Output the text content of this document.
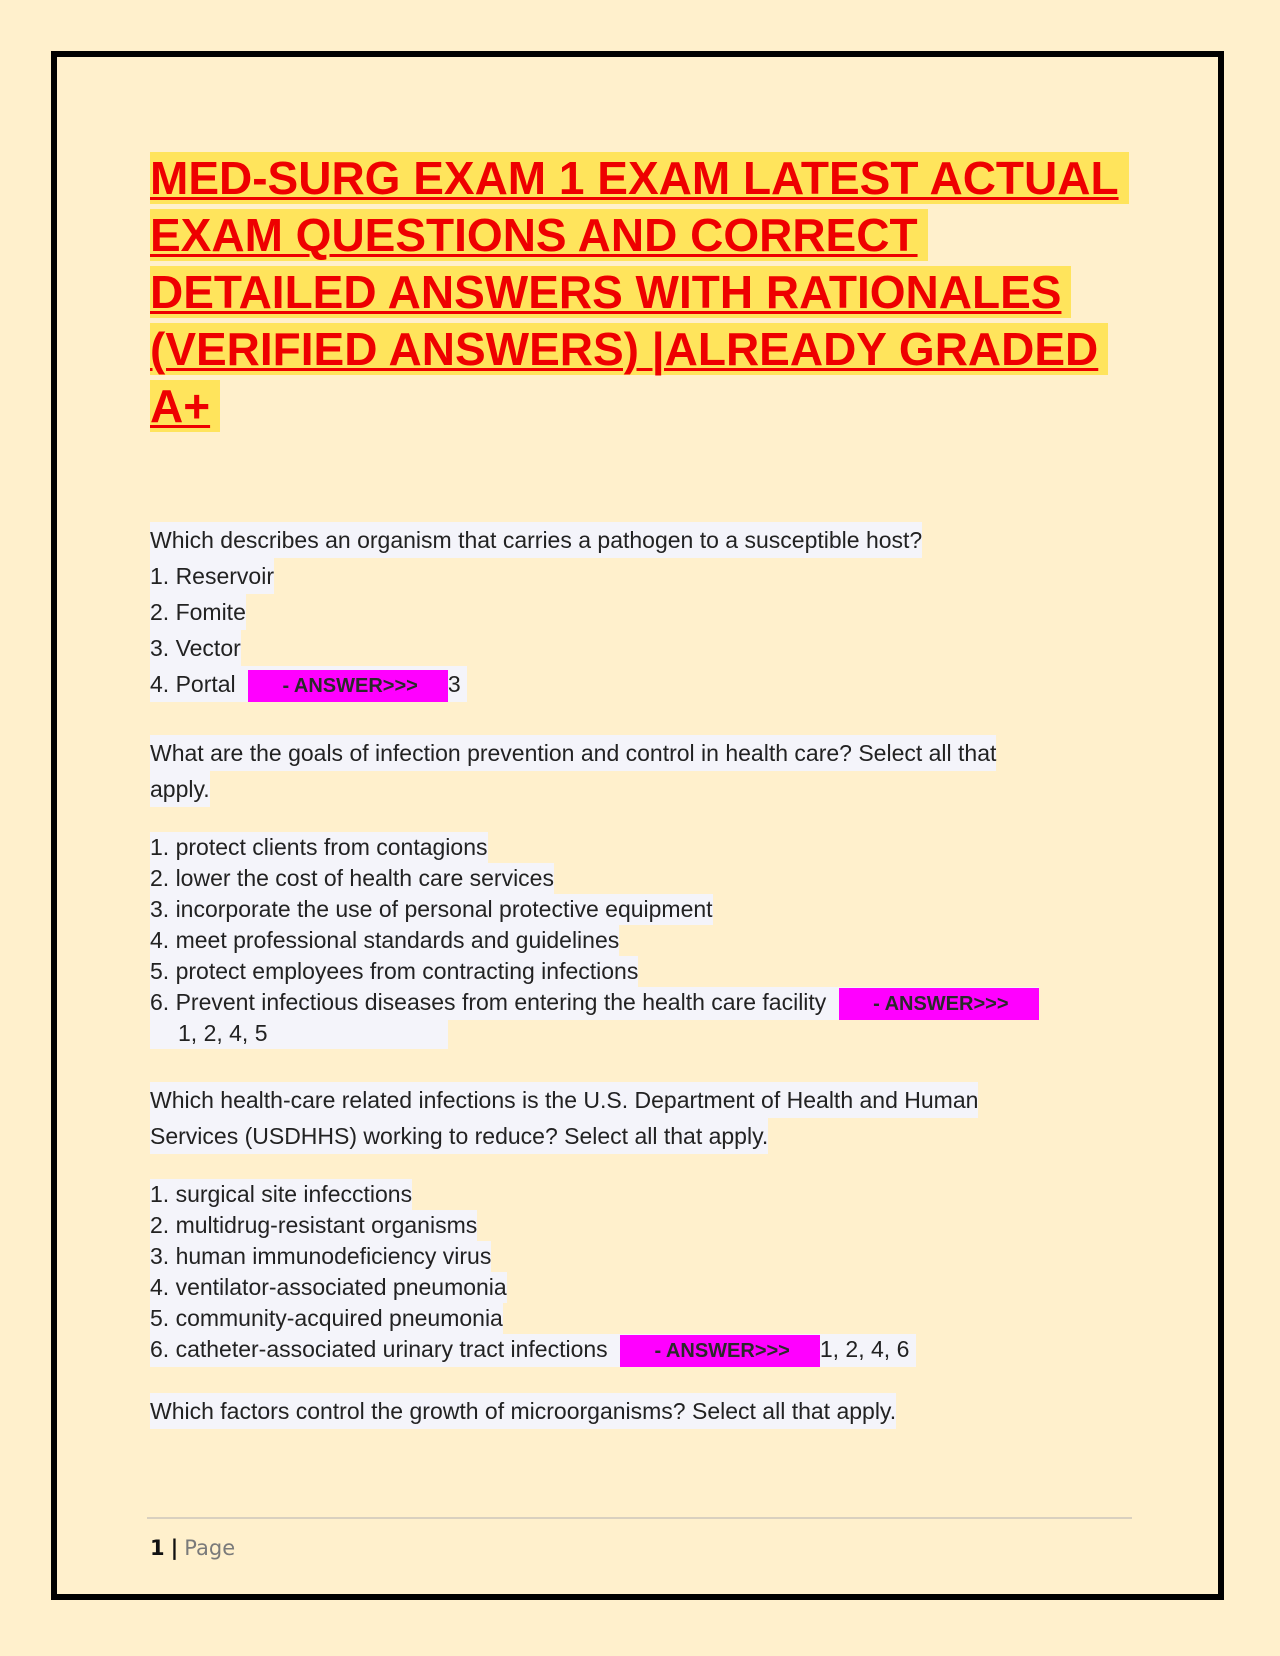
MED-SURG EXAM 1 EXAM LATEST ACTUAL
EXAM QUESTIONS AND CORRECT
DETAILED ANSWERS WITH RATIONALES
(VERIFIED ANSWERS) |ALREADY GRADED
A+
Which describes an organism that carries a pathogen to a susceptible host?
1. Reservoir
2. Fomite
3. Vector
4. Portal - ANSWER>>> 3
What are the goals of infection prevention and control in health care? Select all that
apply.
1. protect clients from contagions
2. lower the cost of health care services
3. incorporate the use of personal protective equipment
4. meet professional standards and guidelines
5. protect employees from contracting infections
6. Prevent infectious diseases from entering the health care facility - ANSWER>>>
1, 2, 4, 5
Which health-care related infections is the U.S. Department of Health and Human
Services (USDHHS) working to reduce? Select all that apply.
1. surgical site infecctions
2. multidrug-resistant organisms
3. human immunodeficiency virus
4. ventilator-associated pneumonia
5. community-acquired pneumonia
6. catheter-associated urinary tract infections - ANSWER>>> 1, 2, 4, 6
Which factors control the growth of microorganisms? Select all that apply.
1 | Page
